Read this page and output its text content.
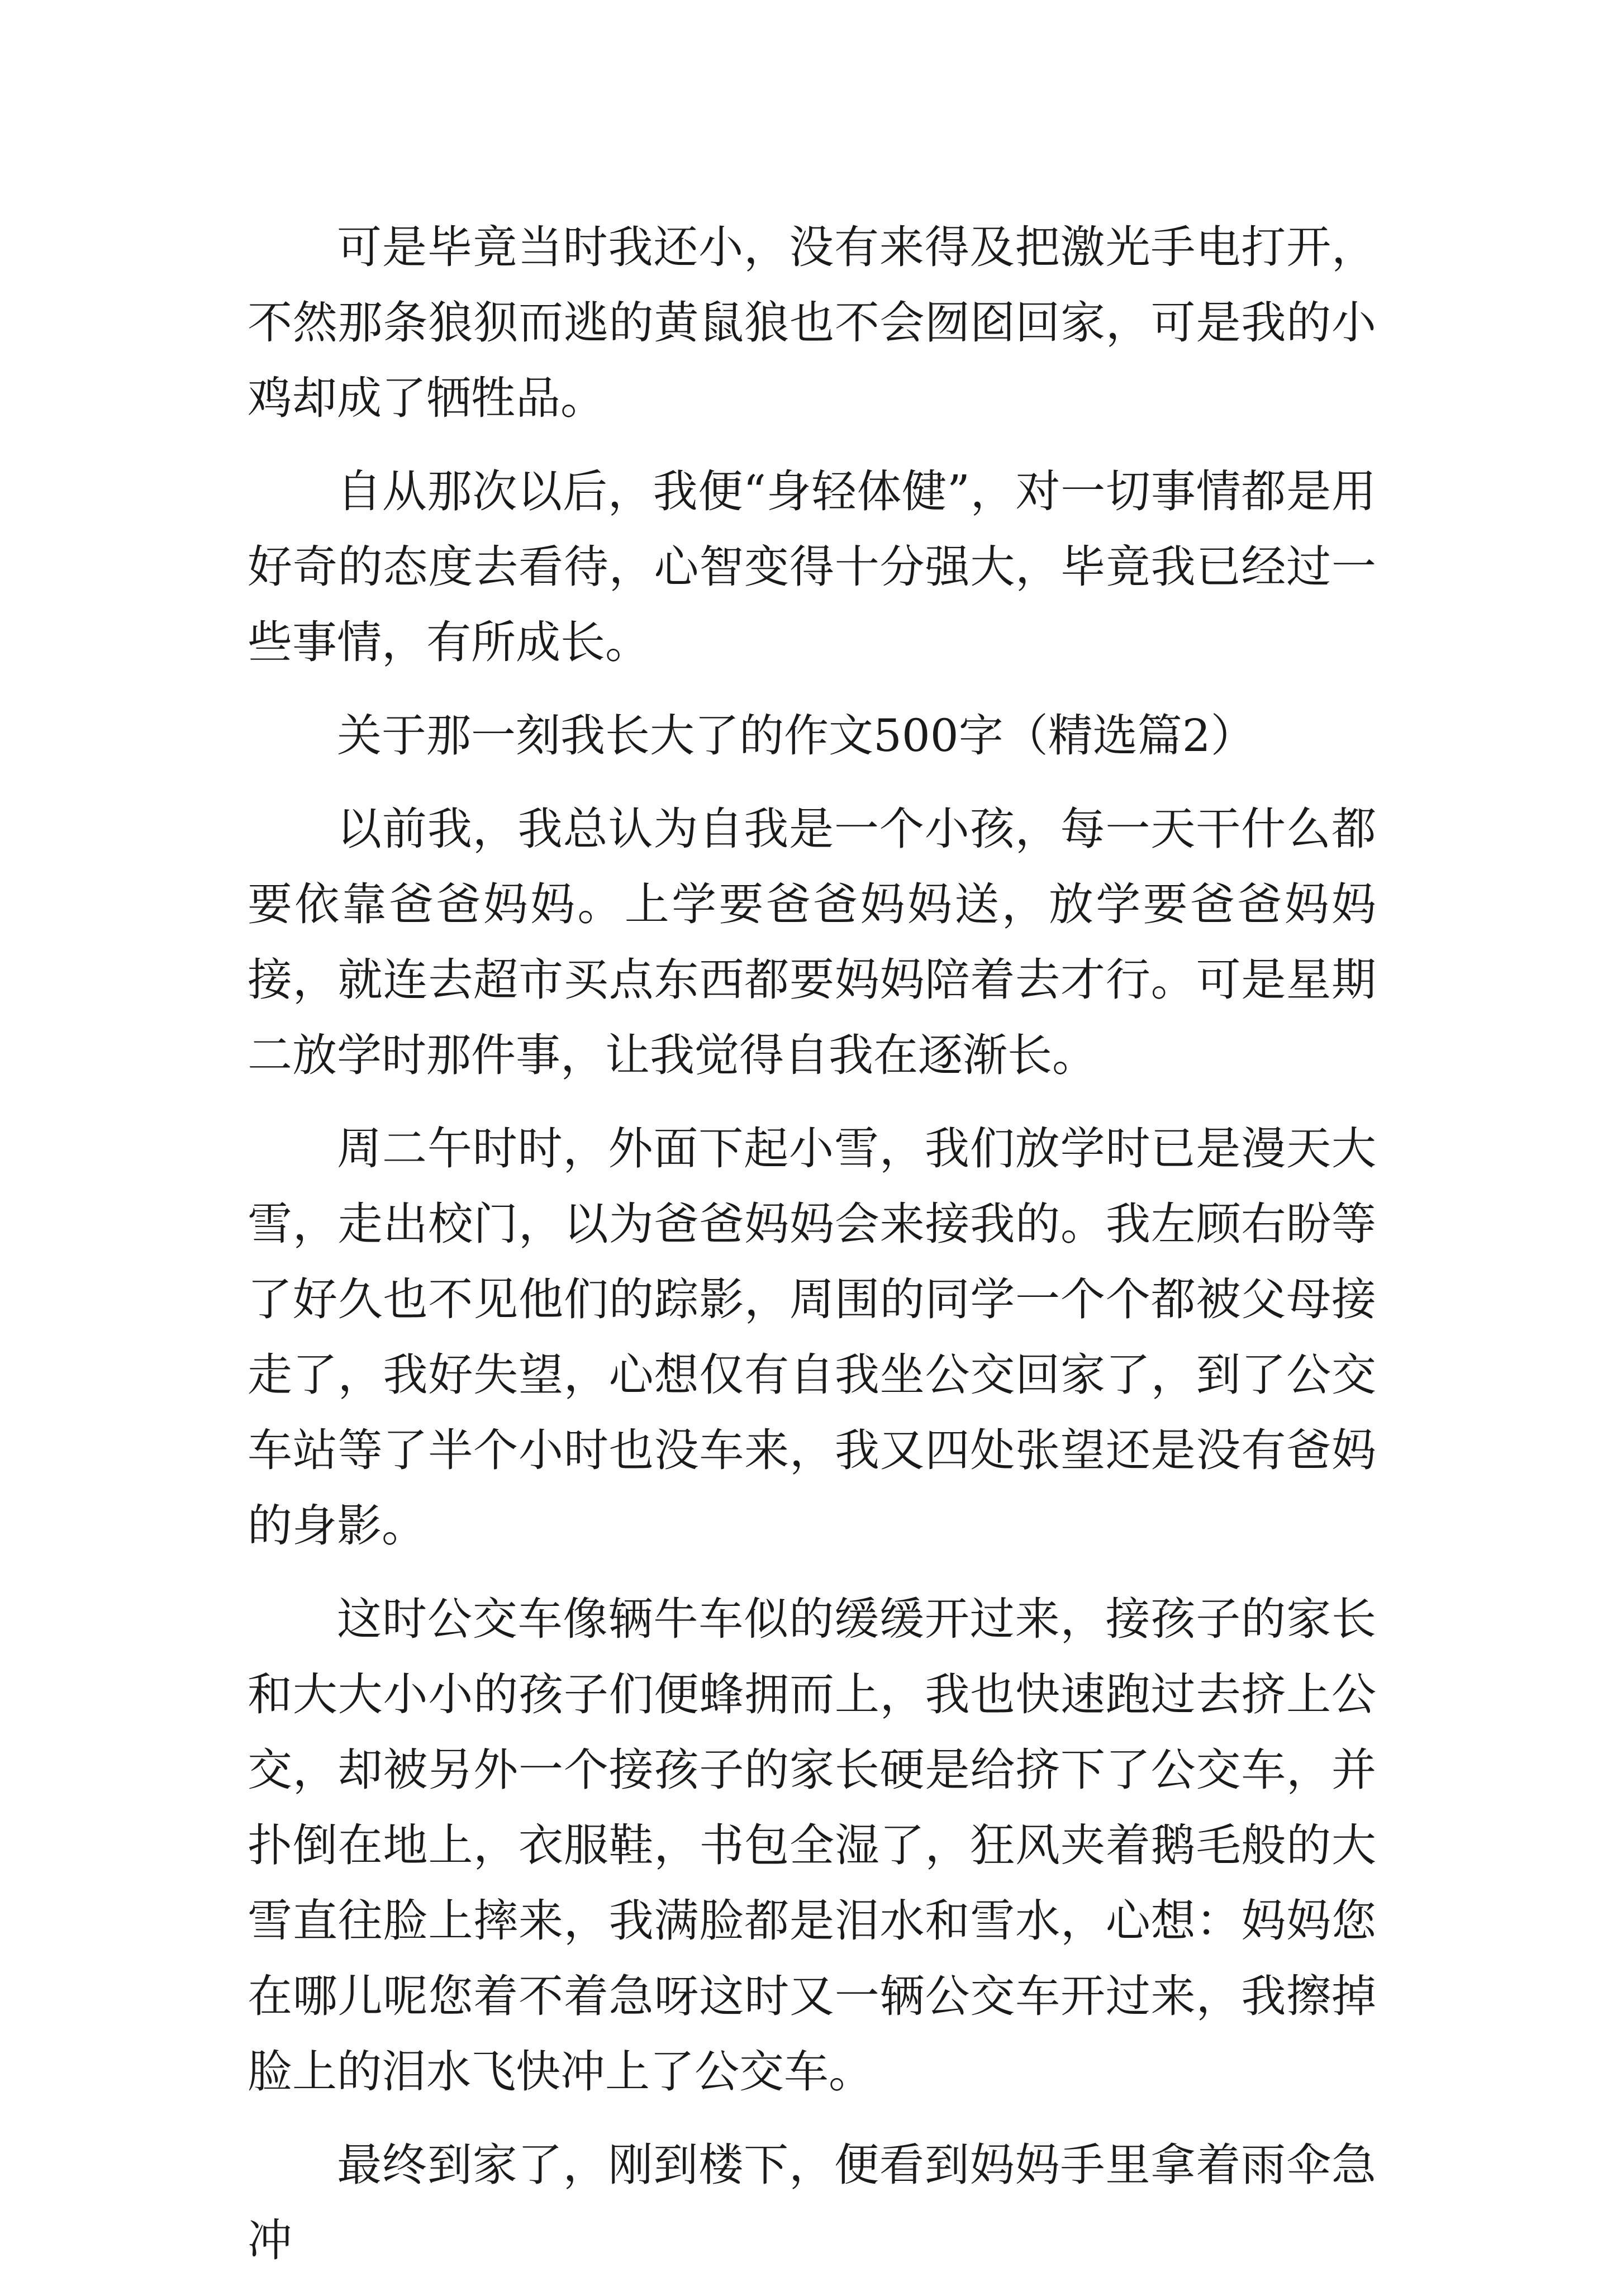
可是毕竟当时我还小，没有来得及把激光手电打开，不然那条狼狈而逃的黄鼠狼也不会囫囵回家，可是我的小鸡却成了牺牲品。

自从那次以后，我便“身轻体健”，对一切事情都是用好奇的态度去看待，心智变得十分强大，毕竟我已经过一些事情，有所成长。

关于那一刻我长大了的作文500字（精选篇2）

以前我，我总认为自我是一个小孩，每一天干什么都要依靠爸爸妈妈。上学要爸爸妈妈送，放学要爸爸妈妈接，就连去超市买点东西都要妈妈陪着去才行。可是星期二放学时那件事，让我觉得自我在逐渐长。

周二午时时，外面下起小雪，我们放学时已是漫天大雪，走出校门，以为爸爸妈妈会来接我的。我左顾右盼等了好久也不见他们的踪影，周围的同学一个个都被父母接走了，我好失望，心想仅有自我坐公交回家了，到了公交车站等了半个小时也没车来，我又四处张望还是没有爸妈的身影。

这时公交车像辆牛车似的缓缓开过来，接孩子的家长和大大小小的孩子们便蜂拥而上，我也快速跑过去挤上公交，却被另外一个接孩子的家长硬是给挤下了公交车，并扑倒在地上，衣服鞋，书包全湿了，狂风夹着鹅毛般的大雪直往脸上摔来，我满脸都是泪水和雪水，心想：妈妈您在哪儿呢您着不着急呀这时又一辆公交车开过来，我擦掉脸上的泪水飞快冲上了公交车。

最终到家了，刚到楼下，便看到妈妈手里拿着雨伞急冲
